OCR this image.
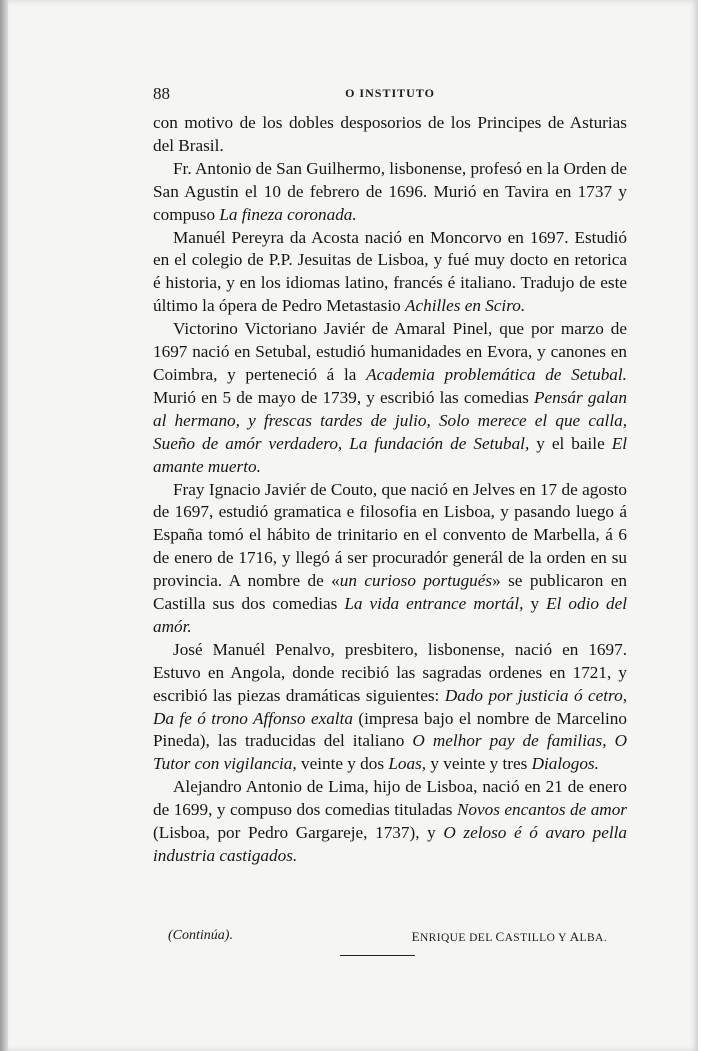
88	O INSTITUTO

con motivo de los dobles desposorios de los Principes de Asturias del Brasil.

Fr. Antonio de San Guilhermo, lisbonense, profesó en la Orden de San Agustin el 10 de febrero de 1696. Murió en Tavira en 1737 y compuso La fineza coronada.

Manuél Pereyra da Acosta nació en Moncorvo en 1697. Estudió en el colegio de P.P. Jesuitas de Lisboa, y fué muy docto en retorica é historia, y en los idiomas latino, francés é italiano. Tradujo de este último la ópera de Pedro Metastasio Achilles en Sciro.

Victorino Victoriano Javiér de Amaral Pinel, que por marzo de 1697 nació en Setubal, estudió humanidades en Evora, y canones en Coimbra, y perteneció á la Academia problemática de Setubal. Murió en 5 de mayo de 1739, y escribió las comedias Pensár galan al hermano, y frescas tardes de julio, Solo merece el que calla, Sueño de amór verdadero, La fundación de Setubal, y el baile El amante muerto.

Fray Ignacio Javiér de Couto, que nació en Jelves en 17 de agosto de 1697, estudió gramatica e filosofia en Lisboa, y pasando luego á España tomó el hábito de trinitario en el convento de Marbella, á 6 de enero de 1716, y llegó á ser procuradór generál de la orden en su provincia. A nombre de «un curioso portugués» se publicaron en Castilla sus dos comedias La vida entrance mortál, y El odio del amór.

José Manuél Penalvo, presbitero, lisbonense, nació en 1697. Estuvo en Angola, donde recibió las sagradas ordenes en 1721, y escribió las piezas dramáticas siguientes: Dado por justicia ó cetro, Da fe ó trono Affonso exalta (impresa bajo el nombre de Marcelino Pineda), las traducidas del italiano O melhor pay de familias, O Tutor con vigilancia, veinte y dos Loas, y veinte y tres Dialogos.

Alejandro Antonio de Lima, hijo de Lisboa, nació en 21 de enero de 1699, y compuso dos comedias tituladas Novos encantos de amor (Lisboa, por Pedro Gargareje, 1737), y O zeloso é ó avaro pella industria castigados.

(Continúa).	ENRIQUE DEL CASTILLO Y ALBA.
